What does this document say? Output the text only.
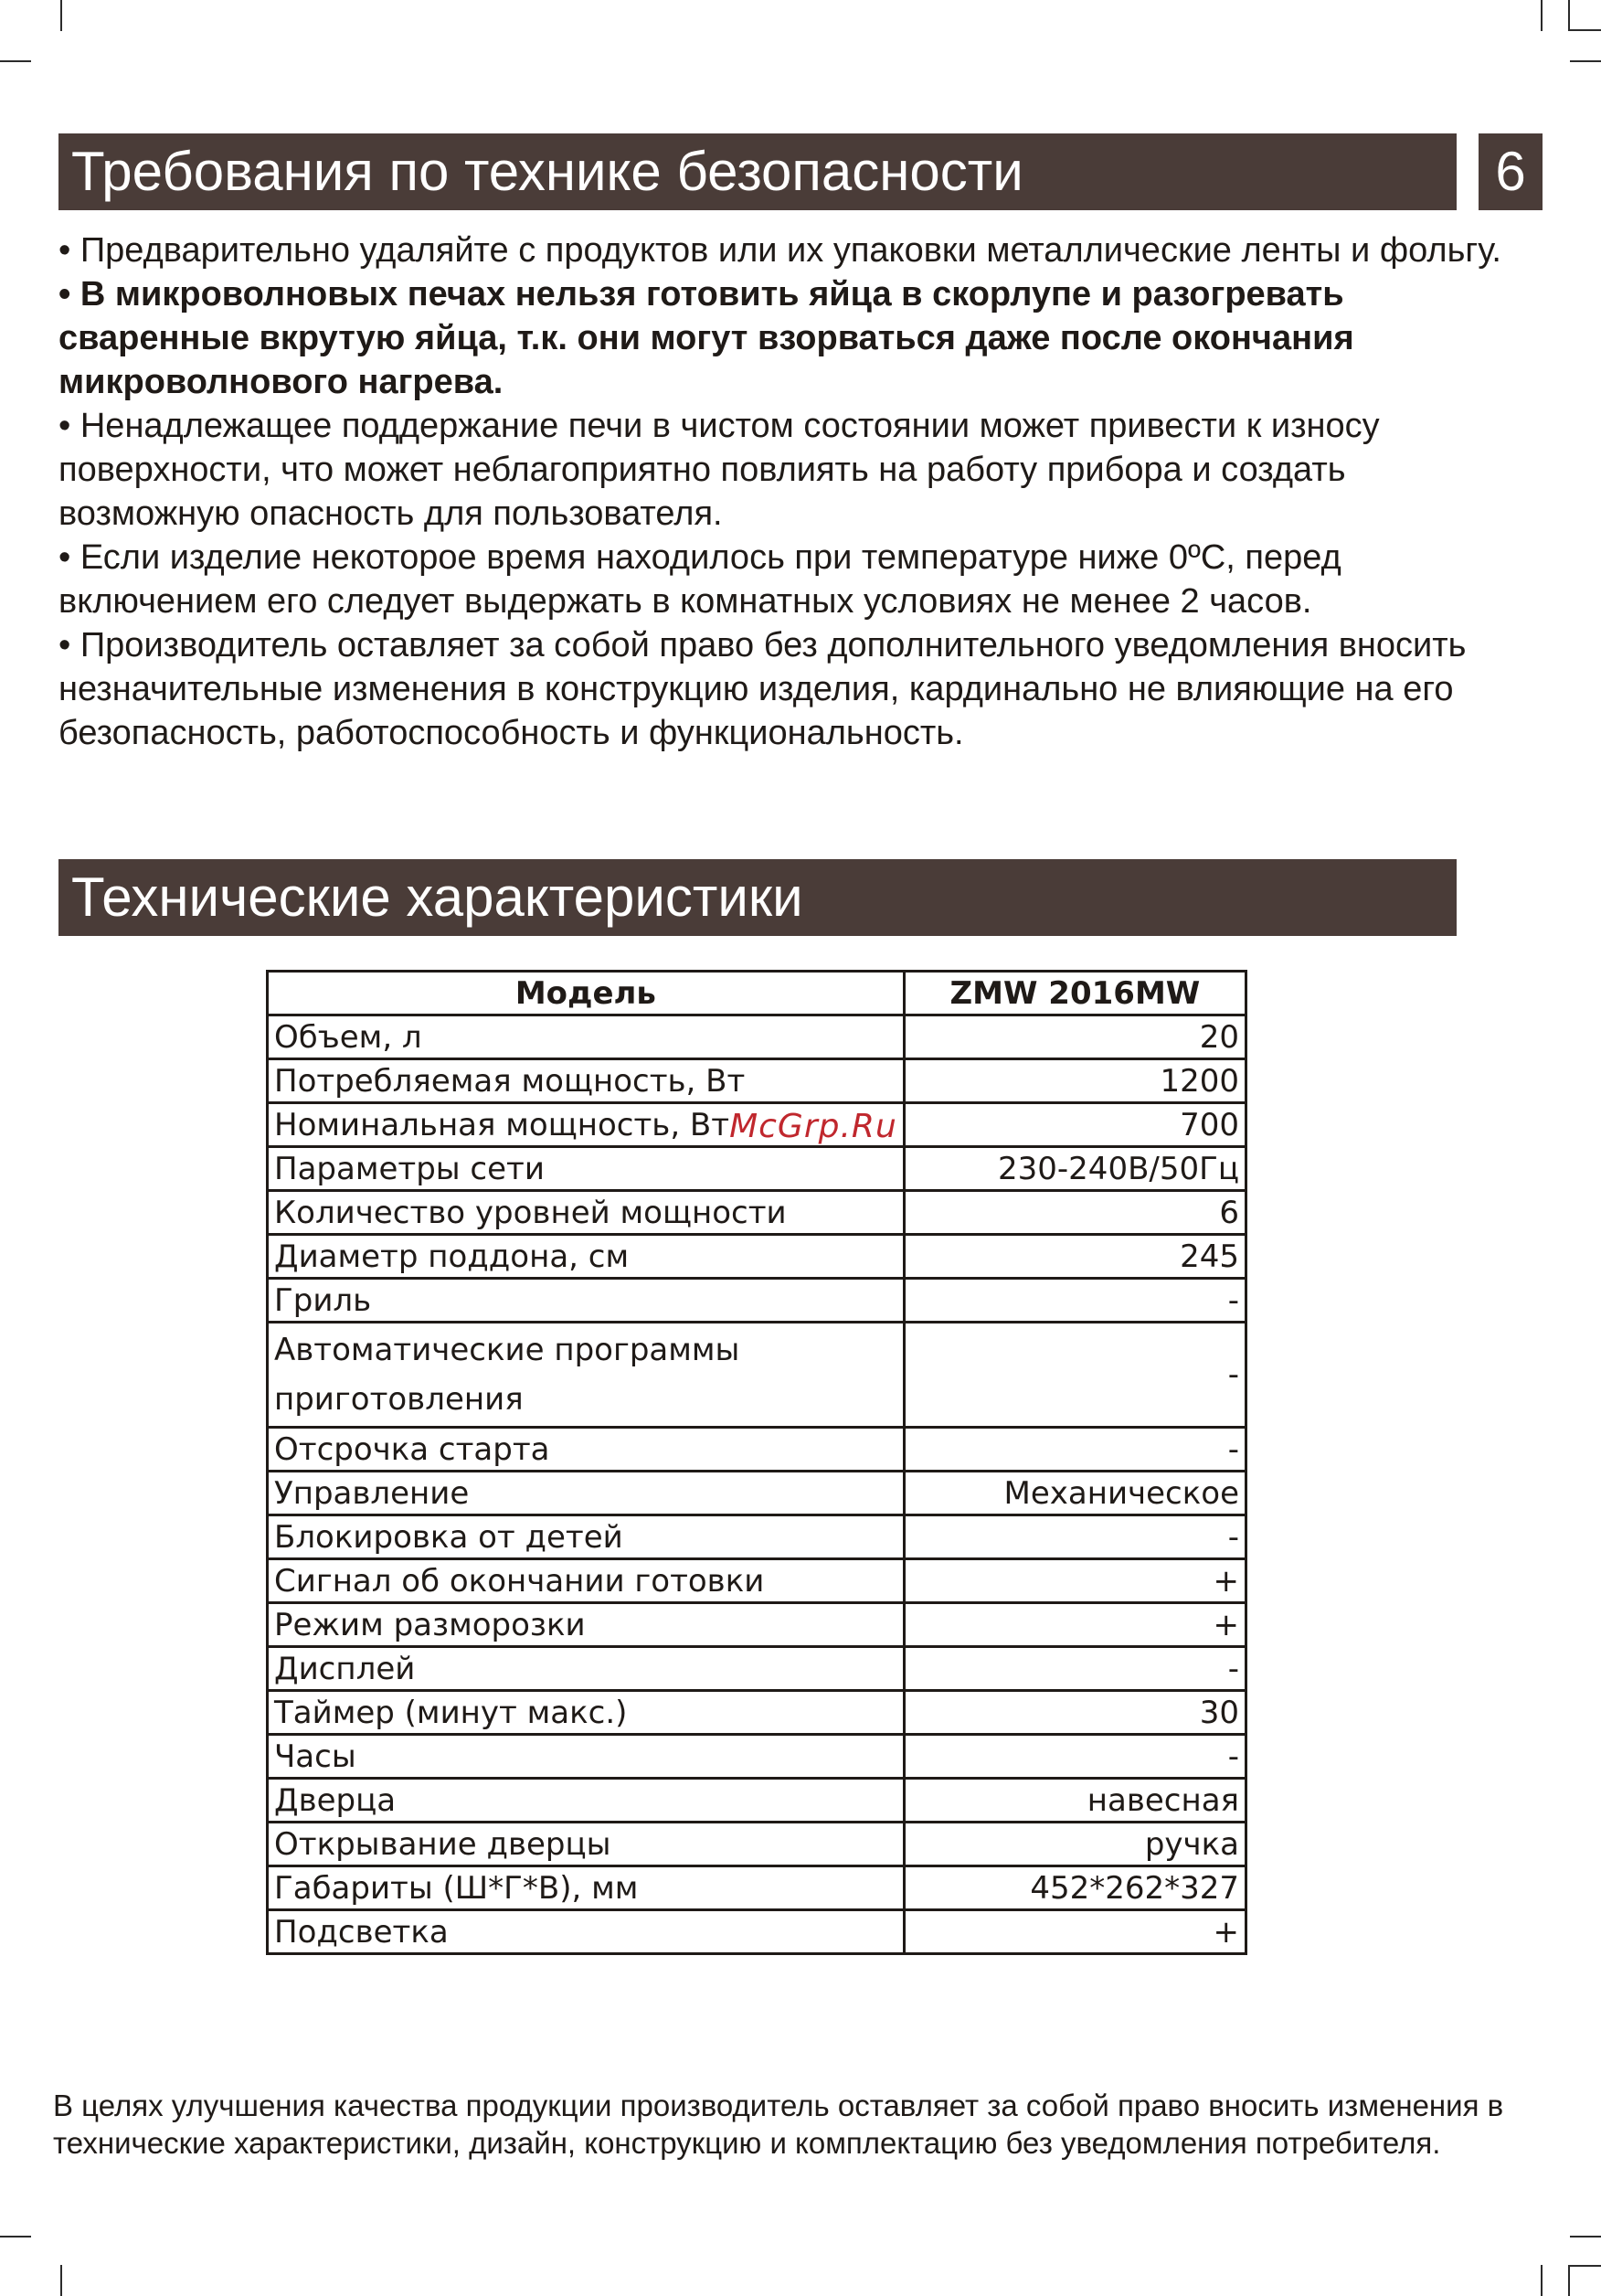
Требования по технике безопасности	6

• Предварительно удаляйте с продуктов или их упаковки металлические ленты и фольгу.

• В микроволновых печах нельзя готовить яйца в скорлупе и разогревать сваренные вкрутую яйца, т.к. они могут взорваться даже после окончания микроволнового нагрева.

• Ненадлежащее поддержание печи в чистом состоянии может привести к износу поверхности, что может неблагоприятно повлиять на работу прибора и создать возможную опасность для пользователя.

• Если изделие некоторое время находилось при температуре ниже 0ºС, перед включением его следует выдержать в комнатных условиях не менее 2 часов.

• Производитель оставляет за собой право без дополнительного уведомления вносить незначительные изменения в конструкцию изделия, кардинально не влияющие на его безопасность, работоспособность и функциональность.

Технические характеристики
Модель	ZMW 2016MW
Объем, л	20
Потребляемая мощность, Вт	1200
Номинальная мощность, ВтMcGrp.Ru	700
Параметры сети	230-240В/50Гц
Количество уровней мощности	6
Диаметр поддона, см	245
Гриль	-
Автоматические программы приготовления	-
Отсрочка старта	-
Управление	Механическое
Блокировка от детей	-
Сигнал об окончании готовки	+
Режим разморозки	+
Дисплей	-
Таймер (минут макс.)	30
Часы	-
Дверца	навесная
Открывание дверцы	ручка
Габариты (Ш*Г*В), мм	452*262*327
Подсветка	+
В целях улучшения качества продукции производитель оставляет за собой право вносить изменения в технические характеристики, дизайн, конструкцию и комплектацию без уведомления потребителя.
